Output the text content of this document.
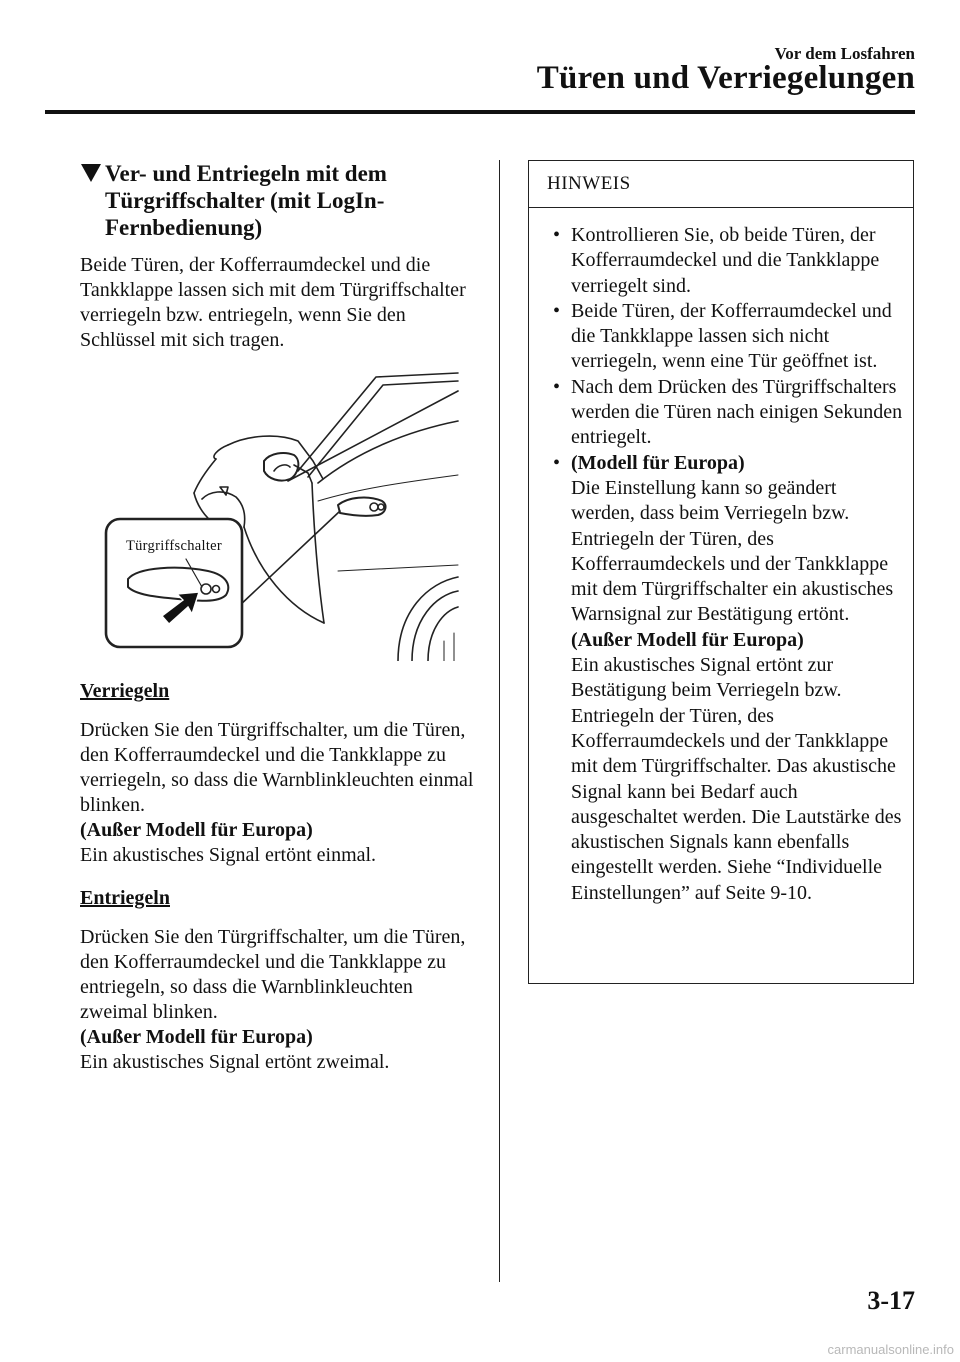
Vor dem Losfahren
Türen und Verriegelungen
Ver- und Entriegeln mit dem Türgriffschalter (mit LogIn-Fernbedienung)

Beide Türen, der Kofferraumdeckel und die Tankklappe lassen sich mit dem Türgriffschalter verriegeln bzw. entriegeln, wenn Sie den Schlüssel mit sich tragen.

Türgriffschalter
Verriegeln

Drücken Sie den Türgriffschalter, um die Türen, den Kofferraumdeckel und die Tankklappe zu verriegeln, so dass die Warnblinkleuchten einmal blinken.

(Außer Modell für Europa)

Ein akustisches Signal ertönt einmal.

Entriegeln

Drücken Sie den Türgriffschalter, um die Türen, den Kofferraumdeckel und die Tankklappe zu entriegeln, so dass die Warnblinkleuchten zweimal blinken.

(Außer Modell für Europa)

Ein akustisches Signal ertönt zweimal.

HINWEIS
• Kontrollieren Sie, ob beide Türen, der Kofferraumdeckel und die Tankklappe verriegelt sind.
• Beide Türen, der Kofferraumdeckel und die Tankklappe lassen sich nicht verriegeln, wenn eine Tür geöffnet ist.
• Nach dem Drücken des Türgriffschalters werden die Türen nach einigen Sekunden entriegelt.
• (Modell für Europa)
Die Einstellung kann so geändert werden, dass beim Verriegeln bzw. Entriegeln der Türen, des Kofferraumdeckels und der Tankklappe mit dem Türgriffschalter ein akustisches Warnsignal zur Bestätigung ertönt.
(Außer Modell für Europa)
Ein akustisches Signal ertönt zur Bestätigung beim Verriegeln bzw. Entriegeln der Türen, des Kofferraumdeckels und der Tankklappe mit dem Türgriffschalter. Das akustische Signal kann bei Bedarf auch ausgeschaltet werden. Die Lautstärke des akustischen Signals kann ebenfalls eingestellt werden. Siehe “Individuelle Einstellungen” auf Seite 9-10.
3-17
carmanualsonline.info
